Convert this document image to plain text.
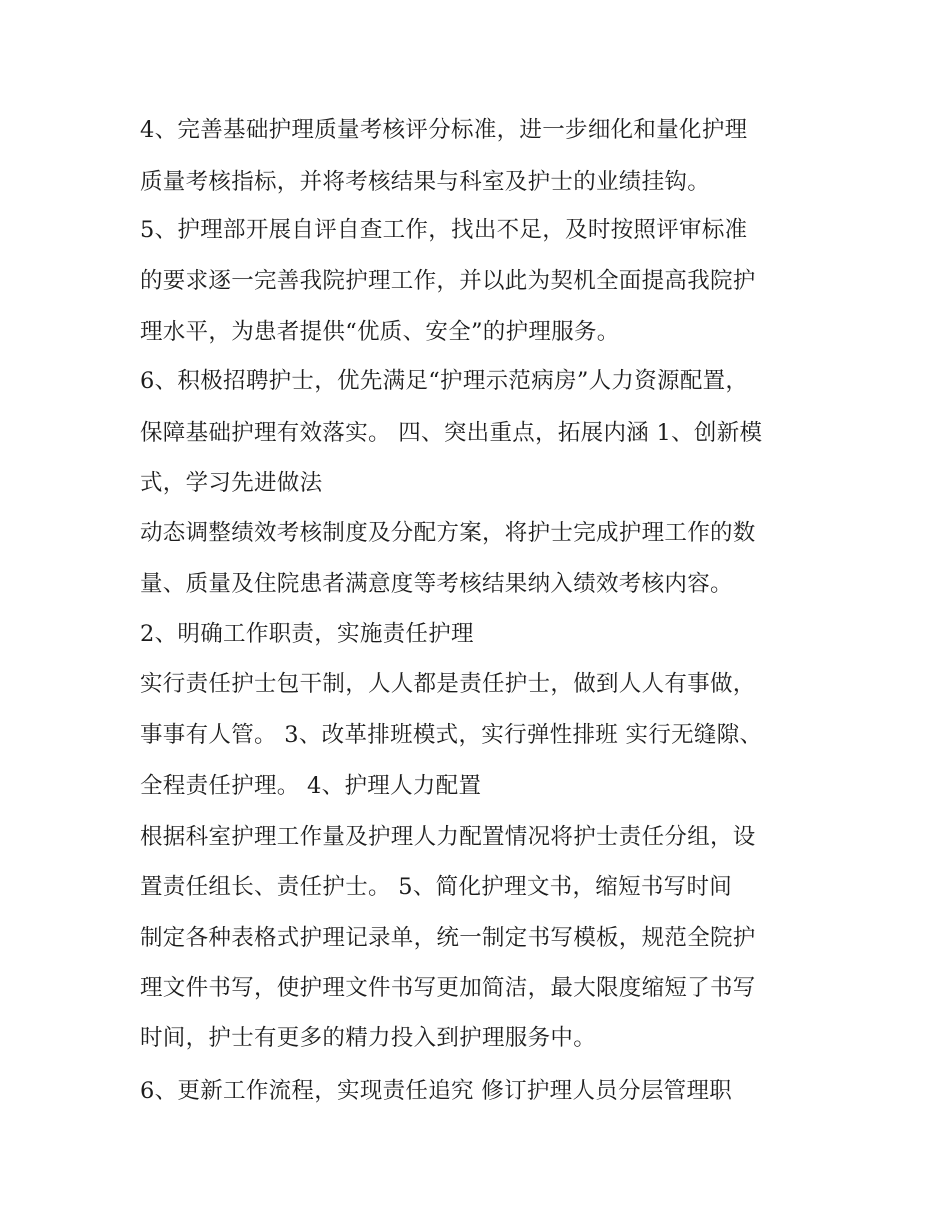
4、完善基础护理质量考核评分标准，进一步细化和量化护理
质量考核指标，并将考核结果与科室及护士的业绩挂钩。
5、护理部开展自评自查工作，找出不足，及时按照评审标准
的要求逐一完善我院护理工作，并以此为契机全面提高我院护
理水平，为患者提供“优质、安全”的护理服务。
6、积极招聘护士，优先满足“护理示范病房”人力资源配置，
保障基础护理有效落实。 四、突出重点，拓展内涵 1、创新模
式，学习先进做法
动态调整绩效考核制度及分配方案，将护士完成护理工作的数
量、质量及住院患者满意度等考核结果纳入绩效考核内容。
2、明确工作职责，实施责任护理
实行责任护士包干制，人人都是责任护士，做到人人有事做，
事事有人管。 3、改革排班模式，实行弹性排班 实行无缝隙、
全程责任护理。 4、护理人力配置
根据科室护理工作量及护理人力配置情况将护士责任分组，设
置责任组长、责任护士。 5、简化护理文书，缩短书写时间
制定各种表格式护理记录单，统一制定书写模板，规范全院护
理文件书写，使护理文件书写更加简洁，最大限度缩短了书写
时间，护士有更多的精力投入到护理服务中。
6、更新工作流程，实现责任追究 修订护理人员分层管理职
